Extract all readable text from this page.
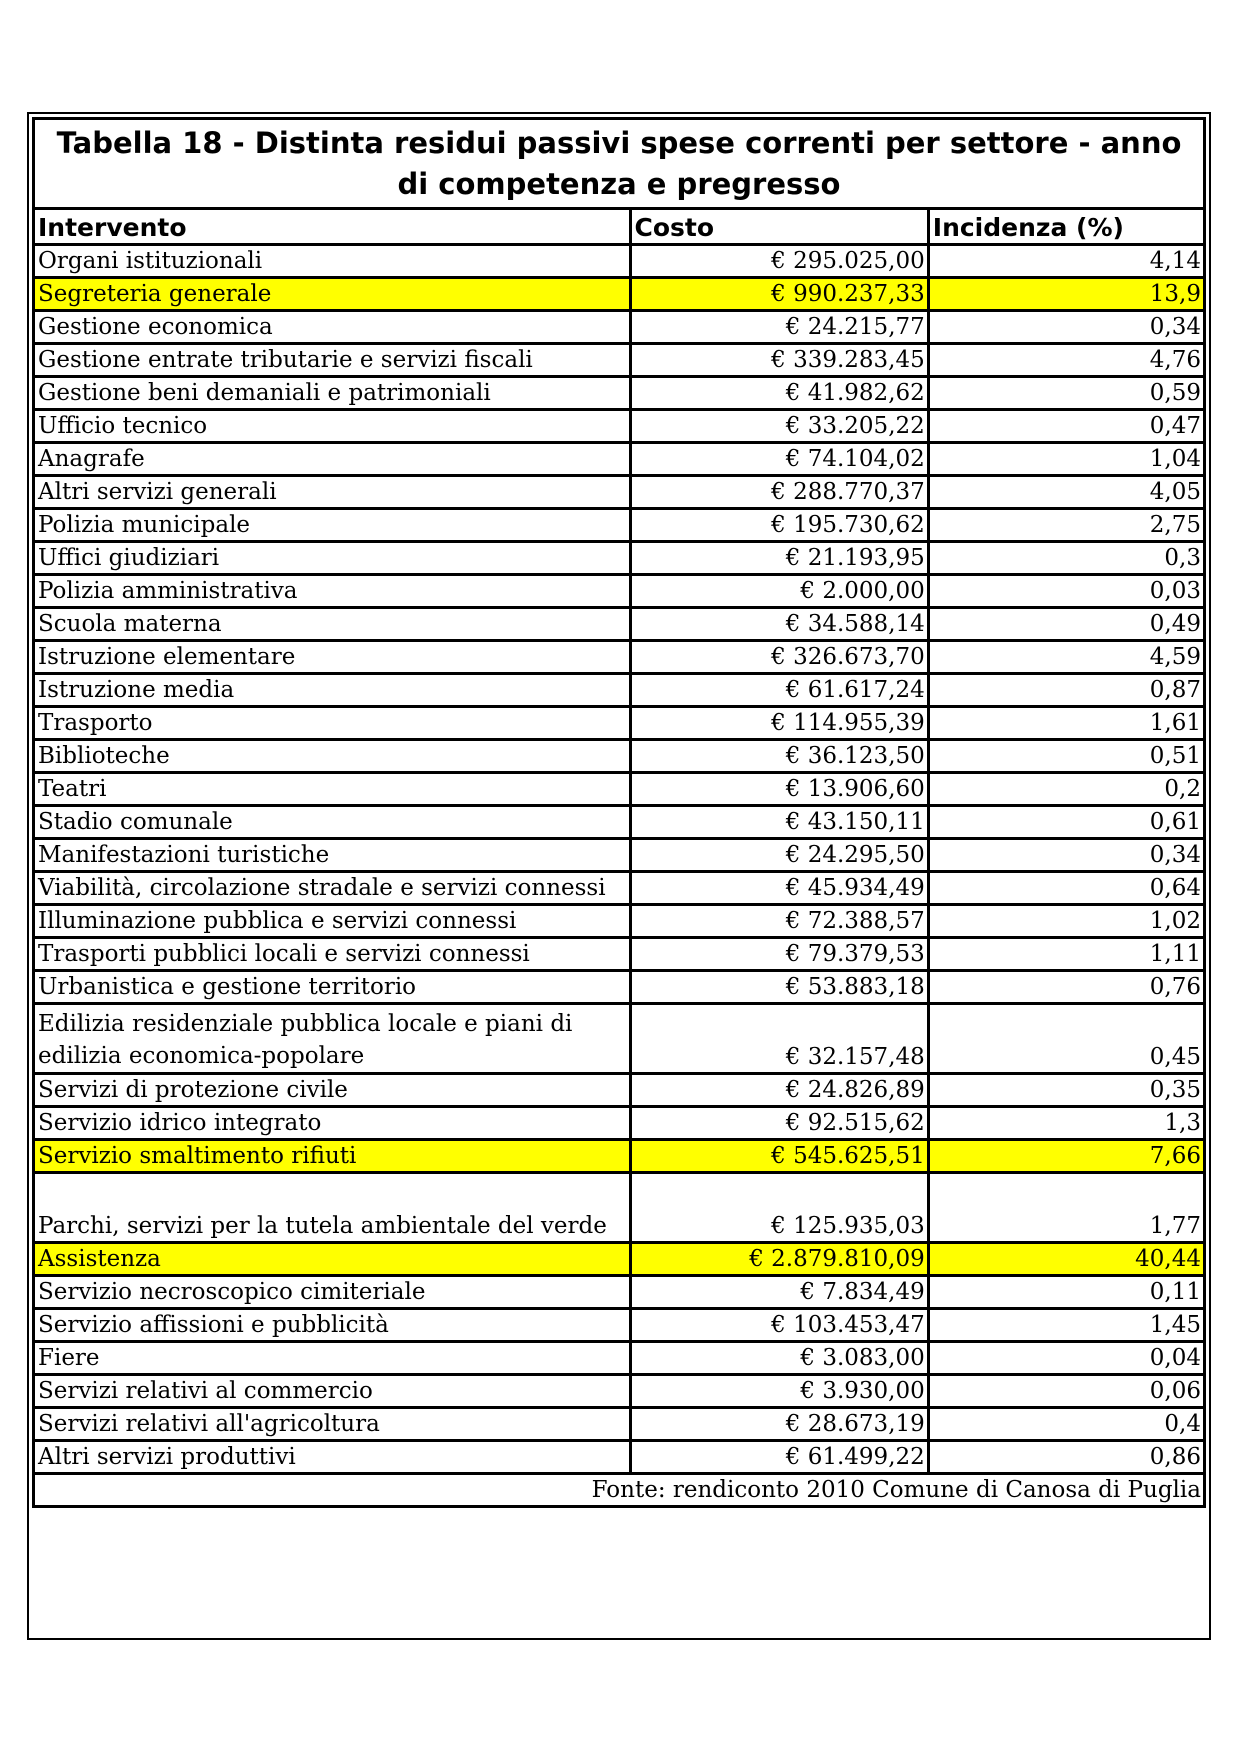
Tabella 18 - Distinta residui passivi spese correnti per settore - anno di competenza e pregresso		
Intervento	Costo	Incidenza (%)
Organi istituzionali	€ 295.025,00	4,14
Segreteria generale	€ 990.237,33	13,9
Gestione economica	€ 24.215,77	0,34
Gestione entrate tributarie e servizi fiscali	€ 339.283,45	4,76
Gestione beni demaniali e patrimoniali	€ 41.982,62	0,59
Ufficio tecnico	€ 33.205,22	0,47
Anagrafe	€ 74.104,02	1,04
Altri servizi generali	€ 288.770,37	4,05
Polizia municipale	€ 195.730,62	2,75
Uffici giudiziari	€ 21.193,95	0,3
Polizia amministrativa	€ 2.000,00	0,03
Scuola materna	€ 34.588,14	0,49
Istruzione elementare	€ 326.673,70	4,59
Istruzione media	€ 61.617,24	0,87
Trasporto	€ 114.955,39	1,61
Biblioteche	€ 36.123,50	0,51
Teatri	€ 13.906,60	0,2
Stadio comunale	€ 43.150,11	0,61
Manifestazioni turistiche	€ 24.295,50	0,34
Viabilità, circolazione stradale e servizi connessi	€ 45.934,49	0,64
Illuminazione pubblica e servizi connessi	€ 72.388,57	1,02
Trasporti pubblici locali e servizi connessi	€ 79.379,53	1,11
Urbanistica e gestione territorio	€ 53.883,18	0,76
Edilizia residenziale pubblica locale e piani di edilizia economica-popolare	€ 32.157,48	0,45
Servizi di protezione civile	€ 24.826,89	0,35
Servizio idrico integrato	€ 92.515,62	1,3
Servizio smaltimento rifiuti	€ 545.625,51	7,66
Parchi, servizi per la tutela ambientale del verde	€ 125.935,03	1,77
Assistenza	€ 2.879.810,09	40,44
Servizio necroscopico cimiteriale	€ 7.834,49	0,11
Servizio affissioni e pubblicità	€ 103.453,47	1,45
Fiere	€ 3.083,00	0,04
Servizi relativi al commercio	€ 3.930,00	0,06
Servizi relativi all'agricoltura	€ 28.673,19	0,4
Altri servizi produttivi	€ 61.499,22	0,86
Fonte: rendiconto 2010 Comune di Canosa di Puglia		
